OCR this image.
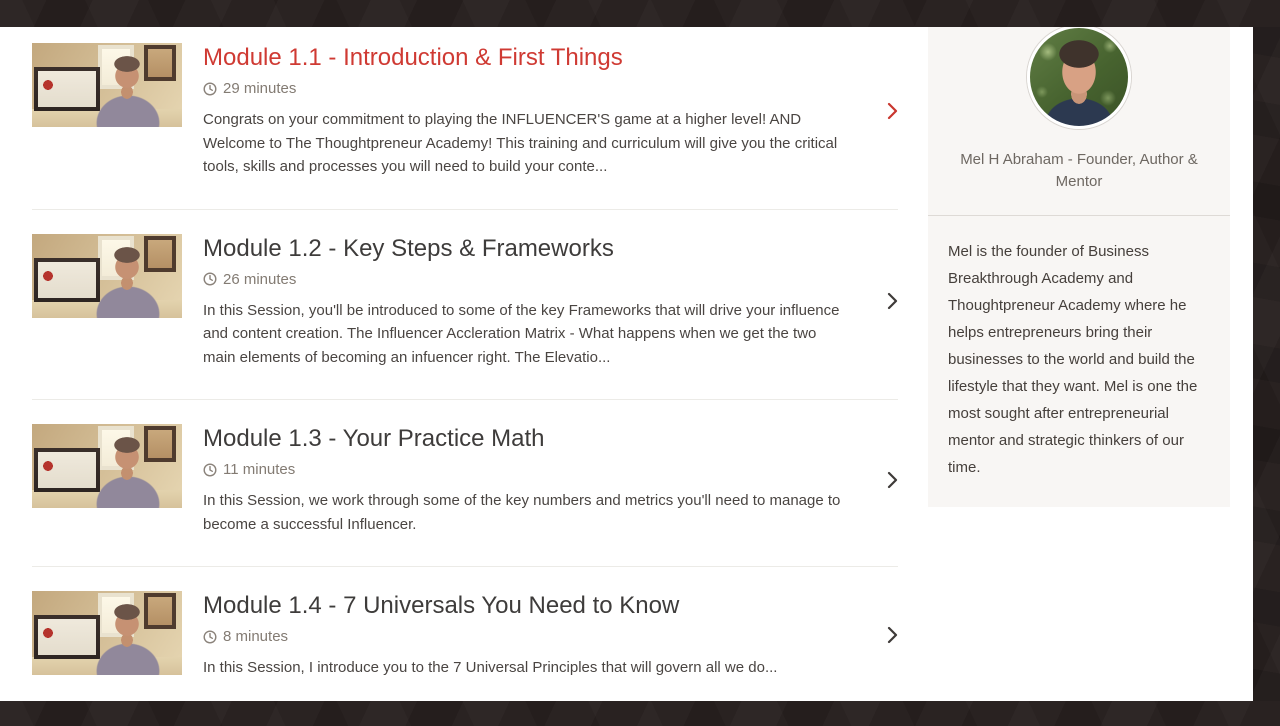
Module 1.1 - Introduction & First Things
29 minutes
Congrats on your commitment to playing the INFLUENCER'S game at a higher level! AND Welcome to The Thoughtpreneur Academy! This training and curriculum will give you the critical tools, skills and processes you will need to build your conte...
Module 1.2 - Key Steps & Frameworks
26 minutes
In this Session, you'll be introduced to some of the key Frameworks that will drive your influence and content creation. The Influencer Accleration Matrix - What happens when we get the two main elements of becoming an infuencer right. The Elevatio...
Module 1.3 - Your Practice Math
11 minutes
In this Session, we work through some of the key numbers and metrics you'll need to manage to become a successful Influencer.
Module 1.4 - 7 Universals You Need to Know
8 minutes
In this Session, I introduce you to the 7 Universal Principles that will govern all we do...
Mel H Abraham - Founder, Author & Mentor
Mel is the founder of Business Breakthrough Academy and Thoughtpreneur Academy where he helps entrepreneurs bring their businesses to the world and build the lifestyle that they want. Mel is one the most sought after entrepreneurial mentor and strategic thinkers of our time.
